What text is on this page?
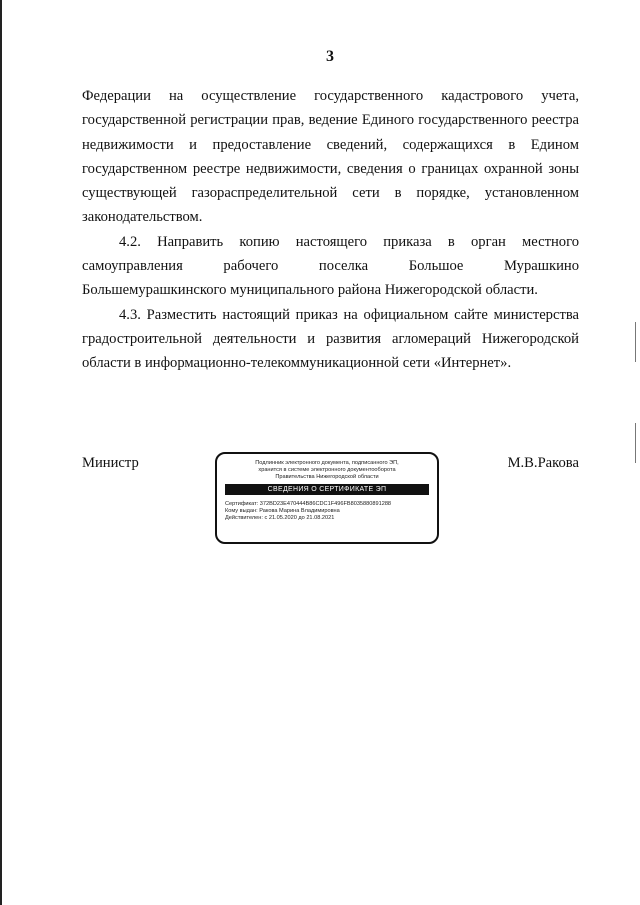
3

Федерации на осуществление государственного кадастрового учета, государственной регистрации прав, ведение Единого государственного реестра недвижимости и предоставление сведений, содержащихся в Едином государственном реестре недвижимости, сведения о границах охранной зоны существующей газораспределительной сети в порядке, установленном законодательством.

4.2. Направить копию настоящего приказа в орган местного самоуправления рабочего поселка Большое Мурашкино Большемурашкинского муниципального района Нижегородской области.

4.3. Разместить настоящий приказ на официальном сайте министерства градостроительной деятельности и развития агломераций Нижегородской области в информационно-телекоммуникационной сети «Интернет».

Министр	Подлинник электронного документа, подписанного ЭП,
хранится в системе электронного документооборота
Правительства Нижегородской области
СВЕДЕНИЯ О СЕРТИФИКАТЕ ЭП
Сертификат: 372BD23E470444B86CDC1F496FB8035880891288
Кому выдан: Ракова Марина Владимировна
Действителен: с 21.05.2020 до 21.08.2021
М.В.Ракова
